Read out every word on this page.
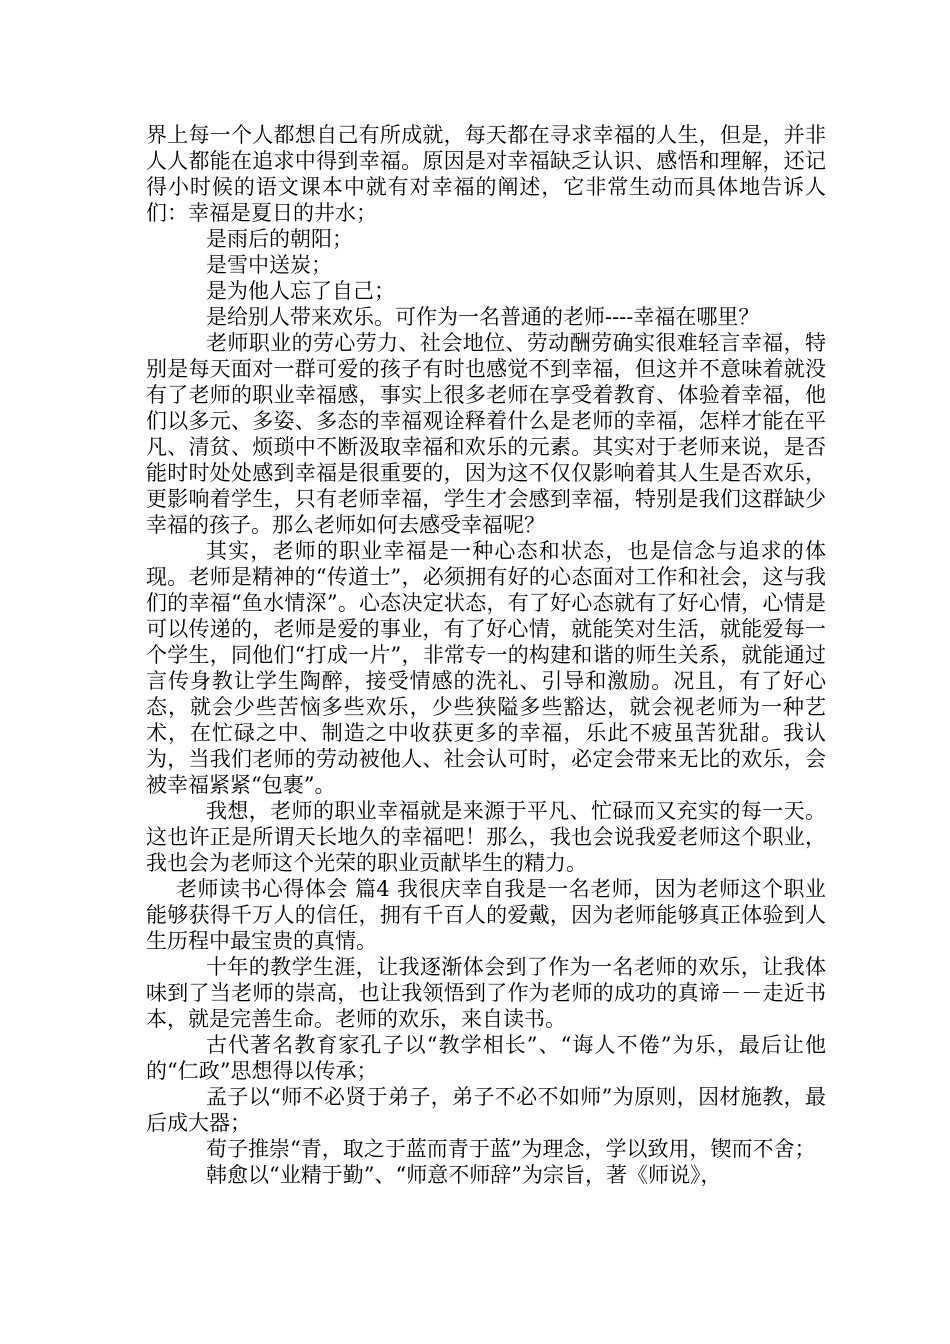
界上每一个人都想自己有所成就，每天都在寻求幸福的人生，但是，并非人人都能在追求中得到幸福。原因是对幸福缺乏认识、感悟和理解，还记得小时候的语文课本中就有对幸福的阐述，它非常生动而具体地告诉人们：幸福是夏日的井水；

是雨后的朝阳；

是雪中送炭；

是为他人忘了自己；

是给别人带来欢乐。可作为一名普通的老师----幸福在哪里？

老师职业的劳心劳力、社会地位、劳动酬劳确实很难轻言幸福，特别是每天面对一群可爱的孩子有时也感觉不到幸福，但这并不意味着就没有了老师的职业幸福感，事实上很多老师在享受着教育、体验着幸福，他们以多元、多姿、多态的幸福观诠释着什么是老师的幸福，怎样才能在平凡、清贫、烦琐中不断汲取幸福和欢乐的元素。其实对于老师来说，是否能时时处处感到幸福是很重要的，因为这不仅仅影响着其人生是否欢乐，更影响着学生，只有老师幸福，学生才会感到幸福，特别是我们这群缺少幸福的孩子。那么老师如何去感受幸福呢？

其实，老师的职业幸福是一种心态和状态，也是信念与追求的体现。老师是精神的“传道士”，必须拥有好的心态面对工作和社会，这与我们的幸福“鱼水情深”。心态决定状态，有了好心态就有了好心情，心情是可以传递的，老师是爱的事业，有了好心情，就能笑对生活，就能爱每一个学生，同他们“打成一片”，非常专一的构建和谐的师生关系，就能通过言传身教让学生陶醉，接受情感的洗礼、引导和激励。况且，有了好心态，就会少些苦恼多些欢乐，少些狭隘多些豁达，就会视老师为一种艺术，在忙碌之中、制造之中收获更多的幸福，乐此不疲虽苦犹甜。我认为，当我们老师的劳动被他人、社会认可时，必定会带来无比的欢乐，会被幸福紧紧“包裹”。

我想，老师的职业幸福就是来源于平凡、忙碌而又充实的每一天。这也许正是所谓天长地久的幸福吧！那么，我也会说我爱老师这个职业，我也会为老师这个光荣的职业贡献毕生的精力。

老师读书心得体会 篇4 我很庆幸自我是一名老师，因为老师这个职业能够获得千万人的信任，拥有千百人的爱戴，因为老师能够真正体验到人生历程中最宝贵的真情。

十年的教学生涯，让我逐渐体会到了作为一名老师的欢乐，让我体味到了当老师的崇高，也让我领悟到了作为老师的成功的真谛－－走近书本，就是完善生命。老师的欢乐，来自读书。

古代著名教育家孔子以“教学相长”、“诲人不倦”为乐，最后让他的“仁政”思想得以传承；

孟子以“师不必贤于弟子，弟子不必不如师”为原则，因材施教，最后成大器；

荀子推崇“青，取之于蓝而青于蓝”为理念，学以致用，锲而不舍；

韩愈以“业精于勤”、“师意不师辞”为宗旨，著《师说》，
